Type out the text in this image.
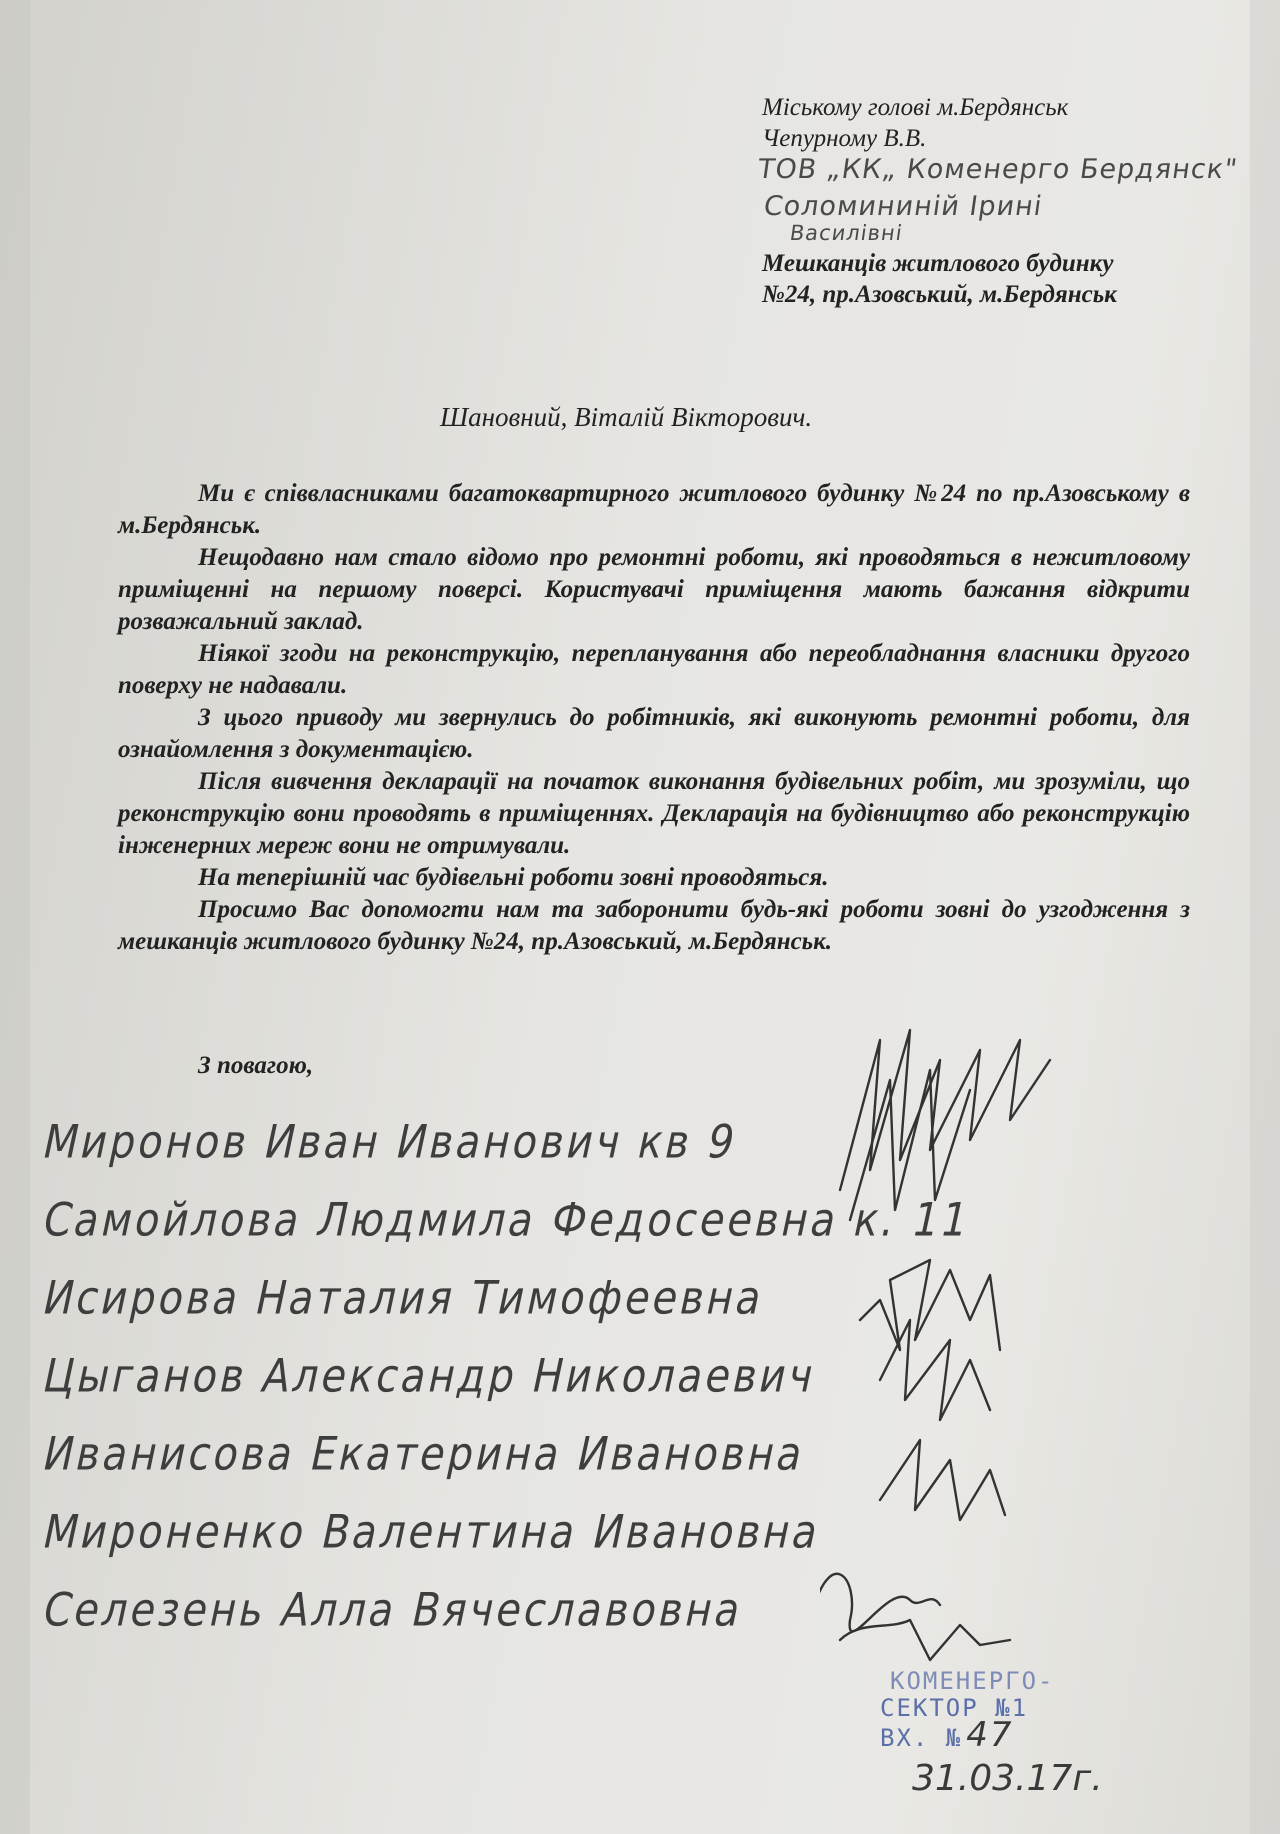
Міському голові м.Бердянськ
Чепурному В.В.
ТОВ „КК„ Коменерго Бердянск"
Соломининій Ірині
Василівні
Мешканців житлового будинку
№24, пр.Азовський, м.Бердянськ
Шановний, Віталій Вікторович.

Ми є співвласниками багатоквартирного житлового будинку №24 по пр.Азовському в м.Бердянськ.

Нещодавно нам стало відомо про ремонтні роботи, які проводяться в нежитловому приміщенні на першому поверсі. Користувачі приміщення мають бажання відкрити розважальний заклад.

Ніякої згоди на реконструкцію, перепланування або переобладнання власники другого поверху не надавали.

З цього приводу ми звернулись до робітників, які виконують ремонтні роботи, для ознайомлення з документацією.

Після вивчення декларації на початок виконання будівельних робіт, ми зрозуміли, що реконструкцію вони проводять в приміщеннях. Декларація на будівництво або реконструкцію інженерних мереж вони не отримували.

На теперішній час будівельні роботи зовні проводяться.

Просимо Вас допомогти нам та заборонити будь-які роботи зовні до узгодження з мешканців житлового будинку №24, пр.Азовський, м.Бердянськ.

З повагою,
Миронов Иван Иванович кв 9
Самойлова Людмила Федосеевна к. 11
Исирова Наталия Тимофеевна
Цыганов Александр Николаевич
Иванисова Екатерина Ивановна
Мироненко Валентина Ивановна
Селезень Алла Вячеславовна
КОМЕНЕРГО-
СЕКТОР №1
ВХ. № 47
31.03.17г.
